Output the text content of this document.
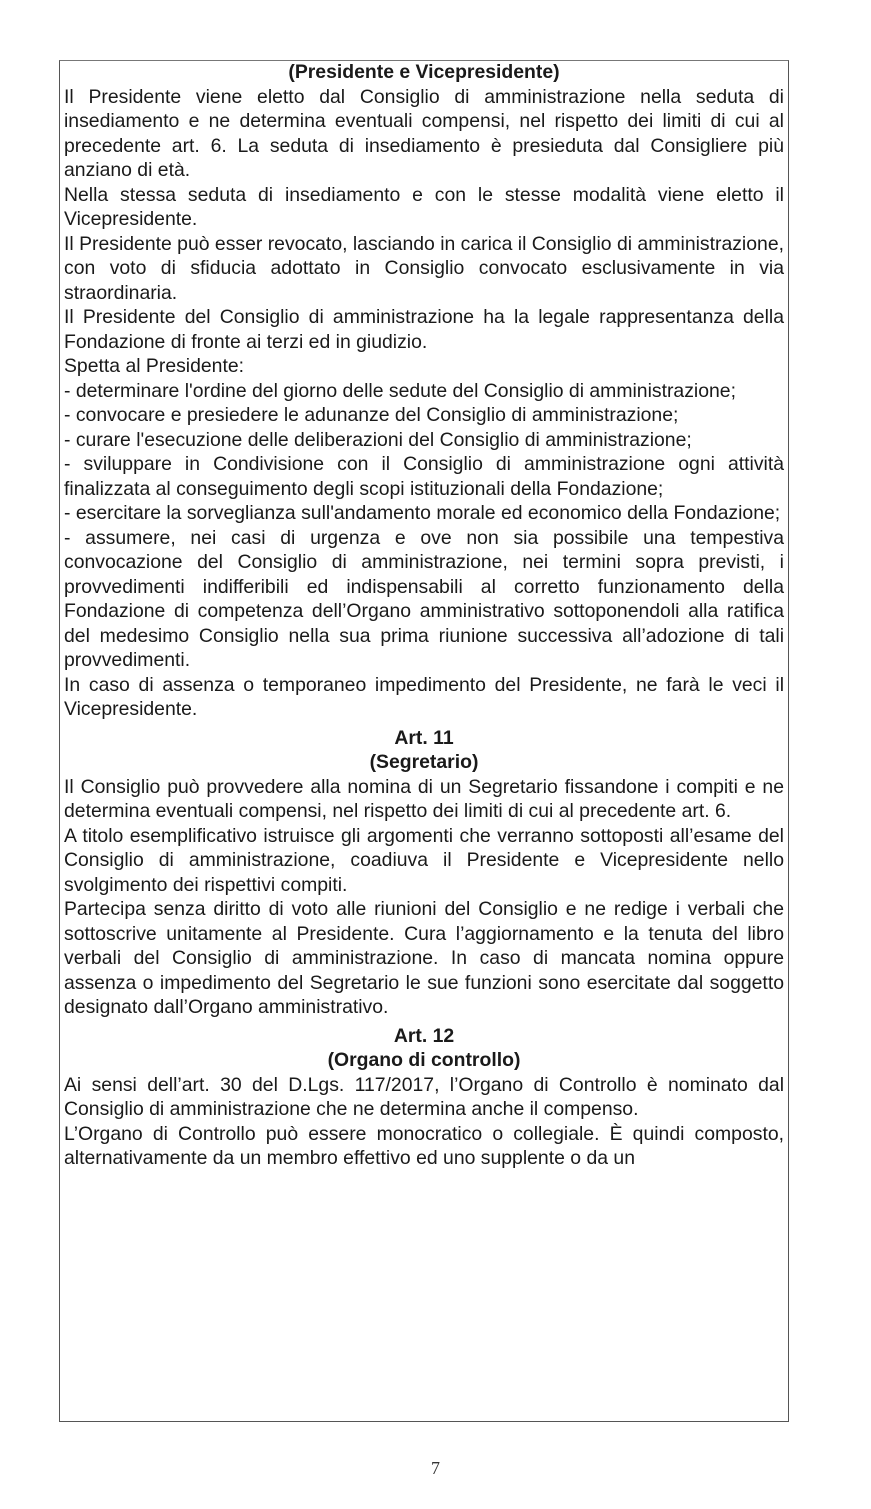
(Presidente e Vicepresidente)

Il Presidente viene eletto dal Consiglio di amministrazione nella seduta di insediamento e ne determina eventuali compensi, nel rispetto dei limiti di cui al precedente art. 6. La seduta di insediamento è presieduta dal Consigliere più anziano di età.

Nella stessa seduta di insediamento e con le stesse modalità viene eletto il Vicepresidente.

Il Presidente può esser revocato, lasciando in carica il Consiglio di amministrazione, con voto di sfiducia adottato in Consiglio convocato esclusivamente in via straordinaria.

Il Presidente del Consiglio di amministrazione ha la legale rappresentanza della Fondazione di fronte ai terzi ed in giudizio.

Spetta al Presidente:

- determinare l'ordine del giorno delle sedute del Consiglio di amministrazione;

- convocare e presiedere le adunanze del Consiglio di amministrazione;

- curare l'esecuzione delle deliberazioni del Consiglio di amministrazione;

- sviluppare in Condivisione con il Consiglio di amministrazione ogni attività finalizzata al conseguimento degli scopi istituzionali della Fondazione;

- esercitare la sorveglianza sull'andamento morale ed economico della Fondazione;

- assumere, nei casi di urgenza e ove non sia possibile una tempestiva convocazione del Consiglio di amministrazione, nei termini sopra previsti, i provvedimenti indifferibili ed indispensabili al corretto funzionamento della Fondazione di competenza dell’Organo amministrativo sottoponendoli alla ratifica del medesimo Consiglio nella sua prima riunione successiva all’adozione di tali provvedimenti.

In caso di assenza o temporaneo impedimento del Presidente, ne farà le veci il Vicepresidente.

Art. 11

(Segretario)

Il Consiglio può provvedere alla nomina di un Segretario fissandone i compiti e ne determina eventuali compensi, nel rispetto dei limiti di cui al precedente art. 6.

A titolo esemplificativo istruisce gli argomenti che verranno sottoposti all’esame del Consiglio di amministrazione, coadiuva il Presidente e Vicepresidente nello svolgimento dei rispettivi compiti.

Partecipa senza diritto di voto alle riunioni del Consiglio e ne redige i verbali che sottoscrive unitamente al Presidente. Cura l’aggiornamento e la tenuta del libro verbali del Consiglio di amministrazione. In caso di mancata nomina oppure assenza o impedimento del Segretario le sue funzioni sono esercitate dal soggetto designato dall’Organo amministrativo.

Art. 12

(Organo di controllo)

Ai sensi dell’art. 30 del D.Lgs. 117/2017, l’Organo di Controllo è nominato dal Consiglio di amministrazione che ne determina anche il compenso.

L’Organo di Controllo può essere monocratico o collegiale. È quindi composto, alternativamente da un membro effettivo ed uno supplente o da un

7
